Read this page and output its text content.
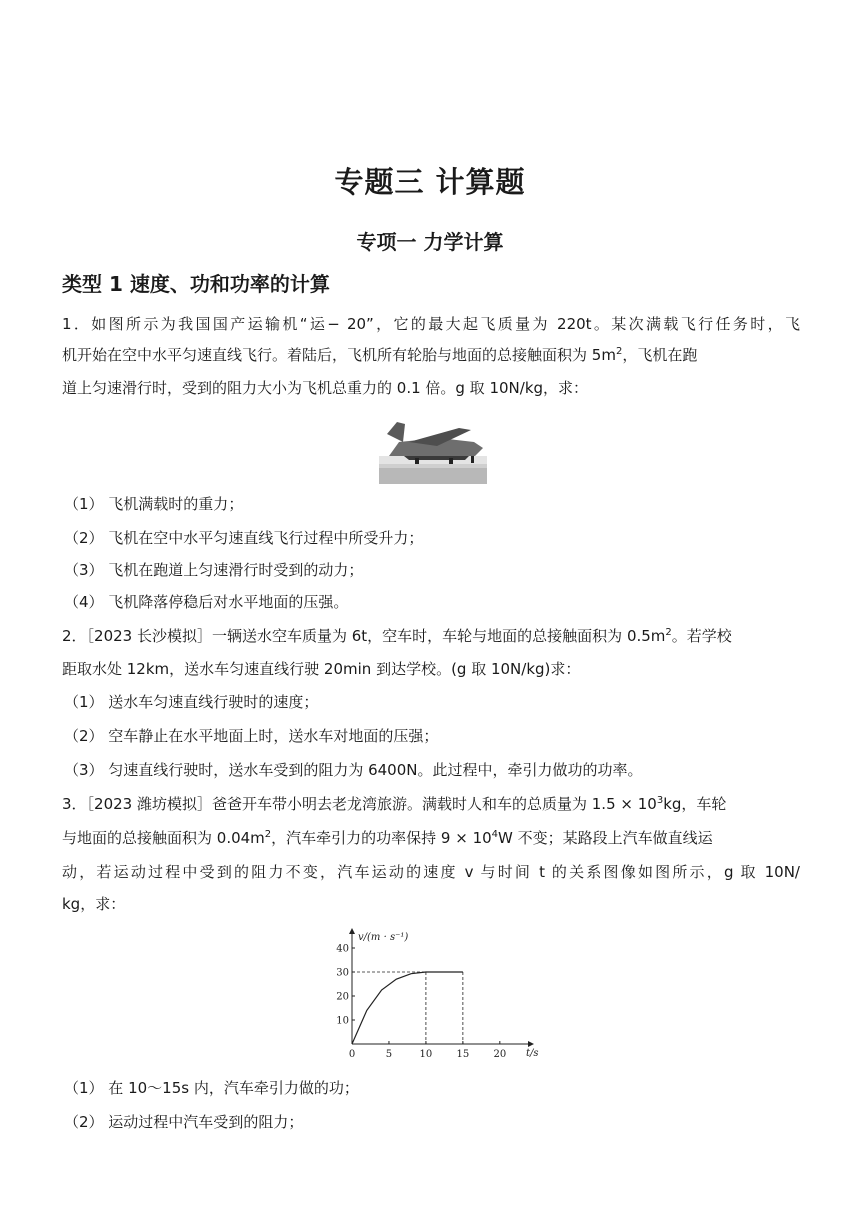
专题三 计算题
专项一 力学计算
类型 1 速度、功和功率的计算
1．如图所示为我国国产运输机“运− 20”，它的最大起飞质量为 220t。某次满载飞行任务时，飞
机开始在空中水平匀速直线飞行。着陆后，飞机所有轮胎与地面的总接触面积为 $5m^2$，飞机在跑
道上匀速滑行时，受到的阻力大小为飞机总重力的 0.1 倍。g 取 10N/kg，求：
（1） 飞机满载时的重力；
（2） 飞机在空中水平匀速直线飞行过程中所受升力；
（3） 飞机在跑道上匀速滑行时受到的动力；
（4） 飞机降落停稳后对水平地面的压强。
2．［2023 长沙模拟］一辆送水空车质量为 6t，空车时，车轮与地面的总接触面积为 $0.5m^2$。若学校
距取水处 12km，送水车匀速直线行驶 20min 到达学校。(g 取 10N/kg)求：
（1） 送水车匀速直线行驶时的速度；
（2） 空车静止在水平地面上时，送水车对地面的压强；
（3） 匀速直线行驶时，送水车受到的阻力为 6400N。此过程中，牵引力做功的功率。
3．［2023 潍坊模拟］爸爸开车带小明去老龙湾旅游。满载时人和车的总质量为 $1.5 \times 10^3kg$，车轮
与地面的总接触面积为 $0.04m^2$，汽车牵引力的功率保持 $9 \times 10^4W$ 不变；某路段上汽车做直线运
动，若运动过程中受到的阻力不变，汽车运动的速度 v 与时间 t 的关系图像如图所示，g 取 10N/
kg，求：
v/(m · s⁻¹)
t/s
0	5	10 15 20
10
20
30
40
（1） 在 10～15s 内，汽车牵引力做的功；
（2） 运动过程中汽车受到的阻力；
